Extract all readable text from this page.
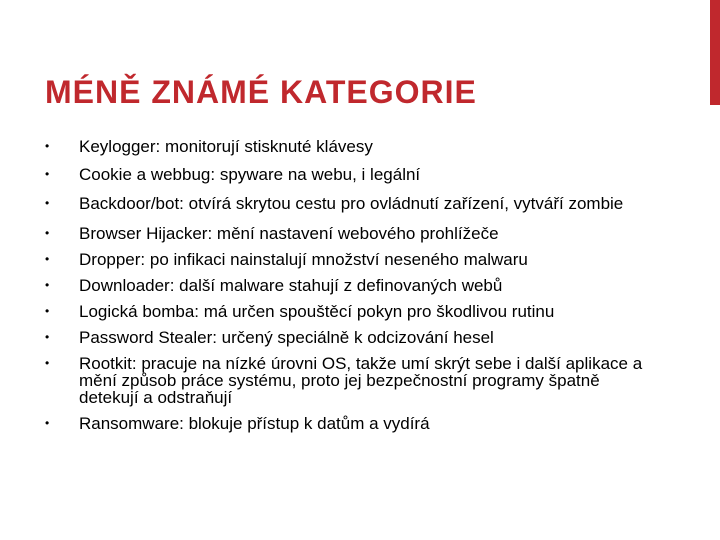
MÉNĚ ZNÁMÉ KATEGORIE
• Keylogger: monitorují stisknuté klávesy
• Cookie a webbug: spyware na webu, i legální
• Backdoor/bot: otvírá skrytou cestu pro ovládnutí zařízení, vytváří zombie
• Browser Hijacker: mění nastavení webového prohlížeče
• Dropper: po infikaci nainstalují množství neseného malwaru
• Downloader: další malware stahují z definovaných webů
• Logická bomba: má určen spouštěcí pokyn pro škodlivou rutinu
• Password Stealer: určený speciálně k odcizování hesel
• Rootkit: pracuje na nízké úrovni OS, takže umí skrýt sebe i další aplikace a mění způsob práce systému, proto jej bezpečnostní programy špatně detekují a odstraňují
• Ransomware: blokuje přístup k datům a vydírá
